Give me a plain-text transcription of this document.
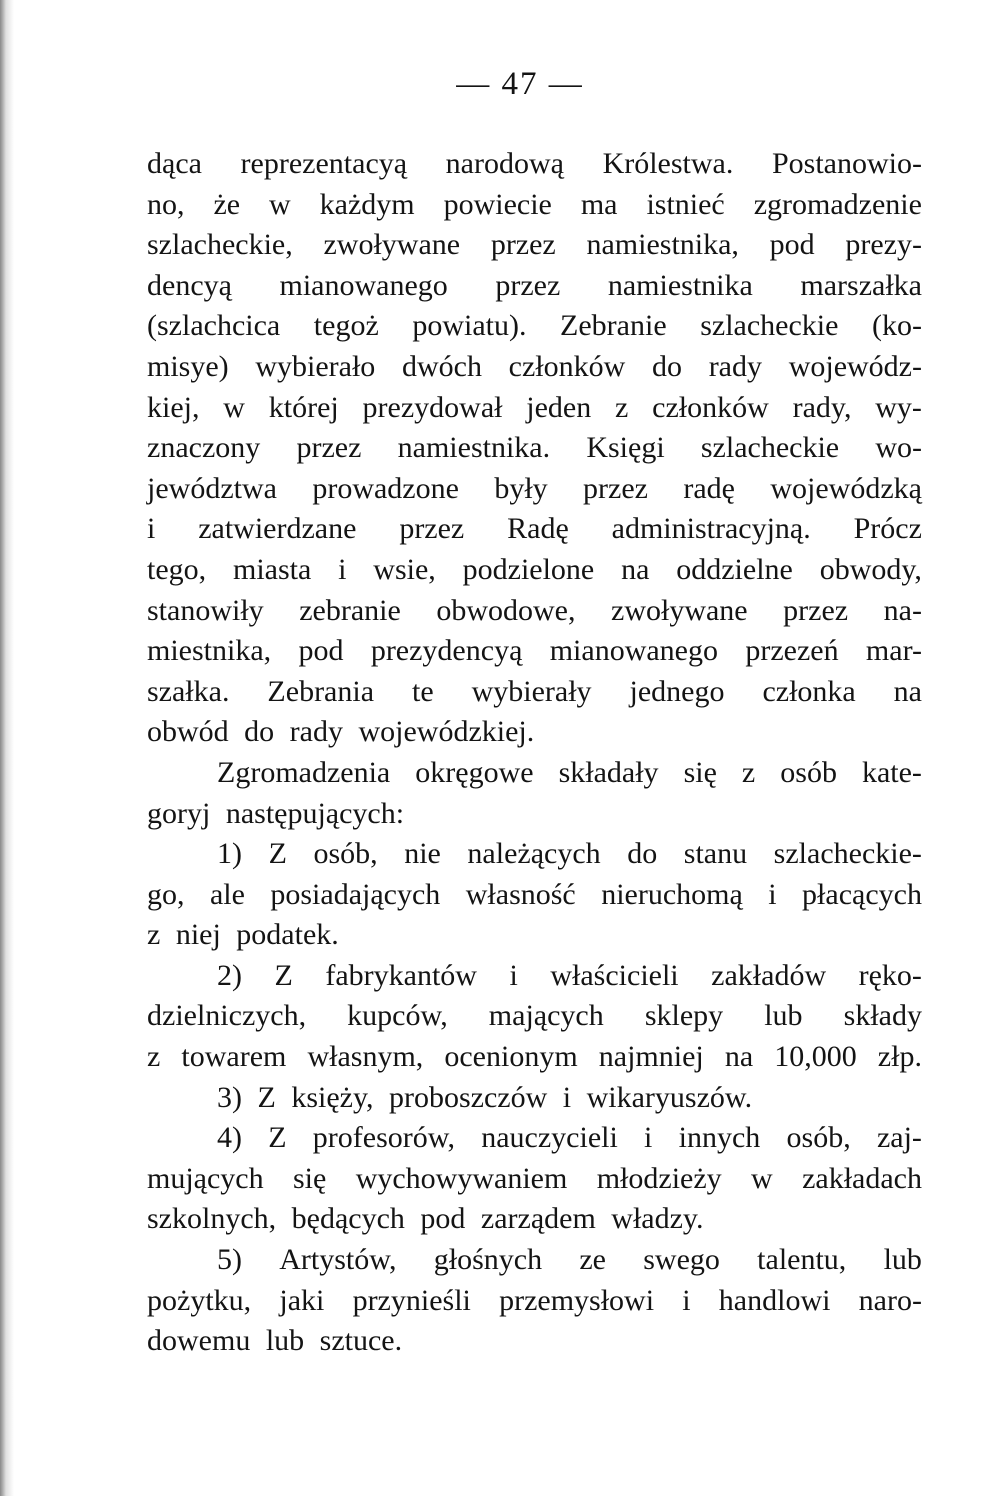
— 47 —
dąca reprezentacyą narodową Królestwa. Postanowio-
no, że w każdym powiecie ma istnieć zgromadzenie
szlacheckie, zwoływane przez namiestnika, pod prezy-
dencyą mianowanego przez namiestnika marszałka
(szlachcica tegoż powiatu). Zebranie szlacheckie (ko-
misye) wybierało dwóch członków do rady wojewódz-
kiej, w której prezydował jeden z członków rady, wy-
znaczony przez namiestnika. Księgi szlacheckie wo-
jewództwa prowadzone były przez radę wojewódzką
i zatwierdzane przez Radę administracyjną. Prócz
tego, miasta i wsie, podzielone na oddzielne obwody,
stanowiły zebranie obwodowe, zwoływane przez na-
miestnika, pod prezydencyą mianowanego przezeń mar-
szałka. Zebrania te wybierały jednego członka na
obwód do rady wojewódzkiej.
Zgromadzenia okręgowe składały się z osób kate-
goryj następujących:
1) Z osób, nie należących do stanu szlacheckie-
go, ale posiadających własność nieruchomą i płacących
z niej podatek.
2) Z fabrykantów i właścicieli zakładów ręko-
dzielniczych, kupców, mających sklepy lub składy
z towarem własnym, ocenionym najmniej na 10,000 złp.
3) Z księży, proboszczów i wikaryuszów.
4) Z profesorów, nauczycieli i innych osób, zaj-
mujących się wychowywaniem młodzieży w zakładach
szkolnych, będących pod zarządem władzy.
5) Artystów, głośnych ze swego talentu, lub
pożytku, jaki przynieśli przemysłowi i handlowi naro-
dowemu lub sztuce.
